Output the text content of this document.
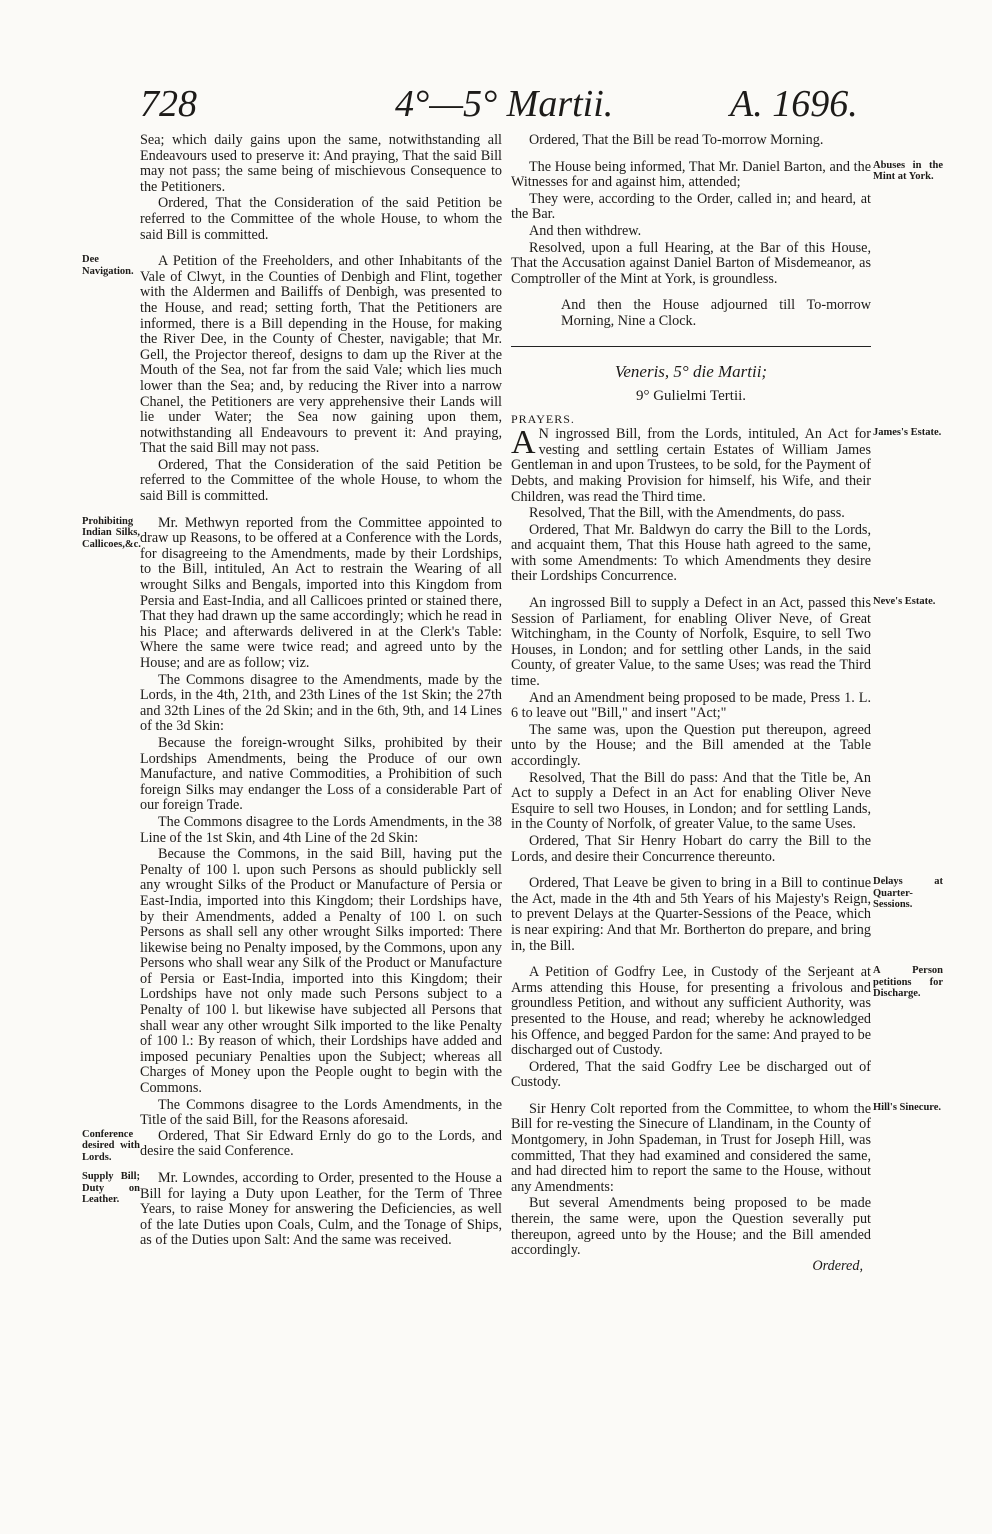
728	4°—5° Martii.	A. 1696.

Sea; which daily gains upon the same, notwithstanding all Endeavours used to preserve it: And praying, That the said Bill may not pass; the same being of mischievous Consequence to the Petitioners.

Ordered, That the Consideration of the said Petition be referred to the Committee of the whole House, to whom the said Bill is committed.

Dee Navigation.

A Petition of the Freeholders, and other Inhabitants of the Vale of Clwyt, in the Counties of Denbigh and Flint, together with the Aldermen and Bailiffs of Denbigh, was presented to the House, and read; setting forth, That the Petitioners are informed, there is a Bill depending in the House, for making the River Dee, in the County of Chester, navigable; that Mr. Gell, the Projector thereof, designs to dam up the River at the Mouth of the Sea, not far from the said Vale; which lies much lower than the Sea; and, by reducing the River into a narrow Chanel, the Petitioners are very apprehensive their Lands will lie under Water; the Sea now gaining upon them, notwithstanding all Endeavours to prevent it: And praying, That the said Bill may not pass.

Ordered, That the Consideration of the said Petition be referred to the Committee of the whole House, to whom the said Bill is committed.

Prohibiting Indian Silks, Callicoes,&c.

Mr. Methwyn reported from the Committee appointed to draw up Reasons, to be offered at a Conference with the Lords, for disagreeing to the Amendments, made by their Lordships, to the Bill, intituled, An Act to restrain the Wearing of all wrought Silks and Bengals, imported into this Kingdom from Persia and East-India, and all Callicoes printed or stained there, That they had drawn up the same accordingly; which he read in his Place; and afterwards delivered in at the Clerk's Table: Where the same were twice read; and agreed unto by the House; and are as follow; viz.

The Commons disagree to the Amendments, made by the Lords, in the 4th, 21th, and 23th Lines of the 1st Skin; the 27th and 32th Lines of the 2d Skin; and in the 6th, 9th, and 14 Lines of the 3d Skin:

Because the foreign-wrought Silks, prohibited by their Lordships Amendments, being the Produce of our own Manufacture, and native Commodities, a Prohibition of such foreign Silks may endanger the Loss of a considerable Part of our foreign Trade.

The Commons disagree to the Lords Amendments, in the 38 Line of the 1st Skin, and 4th Line of the 2d Skin:

Because the Commons, in the said Bill, having put the Penalty of 100 l. upon such Persons as should publickly sell any wrought Silks of the Product or Manufacture of Persia or East-India, imported into this Kingdom; their Lordships have, by their Amendments, added a Penalty of 100 l. on such Persons as shall sell any other wrought Silks imported: There likewise being no Penalty imposed, by the Commons, upon any Persons who shall wear any Silk of the Product or Manufacture of Persia or East-India, imported into this Kingdom; their Lordships have not only made such Persons subject to a Penalty of 100 l. but likewise have subjected all Persons that shall wear any other wrought Silk imported to the like Penalty of 100 l.: By reason of which, their Lordships have added and imposed pecuniary Penalties upon the Subject; whereas all Charges of Money upon the People ought to begin with the Commons.

The Commons disagree to the Lords Amendments, in the Title of the said Bill, for the Reasons aforesaid.

Conference desired with Lords.

Ordered, That Sir Edward Ernly do go to the Lords, and desire the said Conference.

Supply Bill; Duty on Leather.

Mr. Lowndes, according to Order, presented to the House a Bill for laying a Duty upon Leather, for the Term of Three Years, to raise Money for answering the Deficiencies, as well of the late Duties upon Coals, Culm, and the Tonage of Ships, as of the Duties upon Salt: And the same was received.

Ordered, That the Bill be read To-morrow Morning.

Abuses in the Mint at York.

The House being informed, That Mr. Daniel Barton, and the Witnesses for and against him, attended;

They were, according to the Order, called in; and heard, at the Bar.

And then withdrew.

Resolved, upon a full Hearing, at the Bar of this House, That the Accusation against Daniel Barton of Misdemeanor, as Comptroller of the Mint at York, is groundless.

And then the House adjourned till To-morrow Morning, Nine a Clock.

Veneris, 5° die Martii;

9° Gulielmi Tertii.

PRAYERS.

James's Estate.

A N ingrossed Bill, from the Lords, intituled, An Act for vesting and settling certain Estates of William James Gentleman in and upon Trustees, to be sold, for the Payment of Debts, and making Provision for himself, his Wife, and their Children, was read the Third time.

Resolved, That the Bill, with the Amendments, do pass.

Ordered, That Mr. Baldwyn do carry the Bill to the Lords, and acquaint them, That this House hath agreed to the same, with some Amendments: To which Amendments they desire their Lordships Concurrence.

Neve's Estate.

An ingrossed Bill to supply a Defect in an Act, passed this Session of Parliament, for enabling Oliver Neve, of Great Witchingham, in the County of Norfolk, Esquire, to sell Two Houses, in London; and for settling other Lands, in the said County, of greater Value, to the same Uses; was read the Third time.

And an Amendment being proposed to be made, Press 1. L. 6 to leave out "Bill," and insert "Act;"

The same was, upon the Question put thereupon, agreed unto by the House; and the Bill amended at the Table accordingly.

Resolved, That the Bill do pass: And that the Title be, An Act to supply a Defect in an Act for enabling Oliver Neve Esquire to sell two Houses, in London; and for settling Lands, in the County of Norfolk, of greater Value, to the same Uses.

Ordered, That Sir Henry Hobart do carry the Bill to the Lords, and desire their Concurrence thereunto.

Delays at Quarter-Sessions.

Ordered, That Leave be given to bring in a Bill to continue the Act, made in the 4th and 5th Years of his Majesty's Reign, to prevent Delays at the Quarter-Sessions of the Peace, which is near expiring: And that Mr. Bortherton do prepare, and bring in, the Bill.

A Person petitions for Discharge.

A Petition of Godfry Lee, in Custody of the Serjeant at Arms attending this House, for presenting a frivolous and groundless Petition, and without any sufficient Authority, was presented to the House, and read; whereby he acknowledged his Offence, and begged Pardon for the same: And prayed to be discharged out of Custody.

Ordered, That the said Godfry Lee be discharged out of Custody.

Hill's Sinecure.

Sir Henry Colt reported from the Committee, to whom the Bill for re-vesting the Sinecure of Llandinam, in the County of Montgomery, in John Spademan, in Trust for Joseph Hill, was committed, That they had examined and considered the same, and had directed him to report the same to the House, without any Amendments:

But several Amendments being proposed to be made therein, the same were, upon the Question severally put thereupon, agreed unto by the House; and the Bill amended accordingly.

Ordered,
